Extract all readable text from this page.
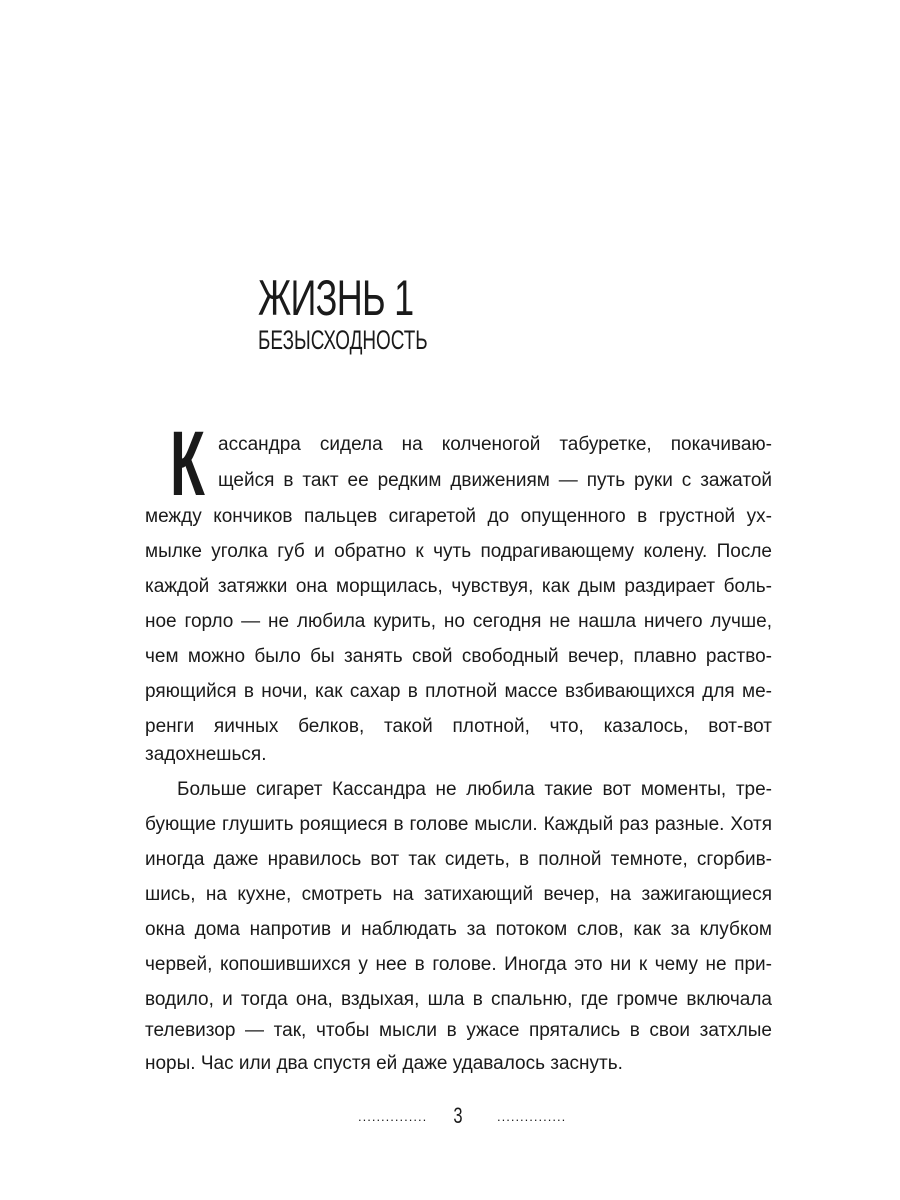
ЖИЗНЬ 1
БЕЗЫСХОДНОСТЬ
К ассандра сидела на колченогой табуретке, покачиваю-

щейся в такт ее редким движениям — путь руки с зажатой

между кончиков пальцев сигаретой до опущенного в грустной ух-

мылке уголка губ и обратно к чуть подрагивающему колену. После

каждой затяжки она морщилась, чувствуя, как дым раздирает боль-

ное горло — не любила курить, но сегодня не нашла ничего лучше,

чем можно было бы занять свой свободный вечер, плавно раство-

ряющийся в ночи, как сахар в плотной массе взбивающихся для ме-

ренги яичных белков, такой плотной, что, казалось, вот-вот

задохнешься.

Больше сигарет Кассандра не любила такие вот моменты, тре-

бующие глушить роящиеся в голове мысли. Каждый раз разные. Хотя

иногда даже нравилось вот так сидеть, в полной темноте, сгорбив-

шись, на кухне, смотреть на затихающий вечер, на зажигающиеся

окна дома напротив и наблюдать за потоком слов, как за клубком

червей, копошившихся у нее в голове. Иногда это ни к чему не при-

водило, и тогда она, вздыхая, шла в спальню, где громче включала

телевизор — так, чтобы мысли в ужасе прятались в свои затхлые

норы. Час или два спустя ей даже удавалось заснуть.

...............	3	...............
